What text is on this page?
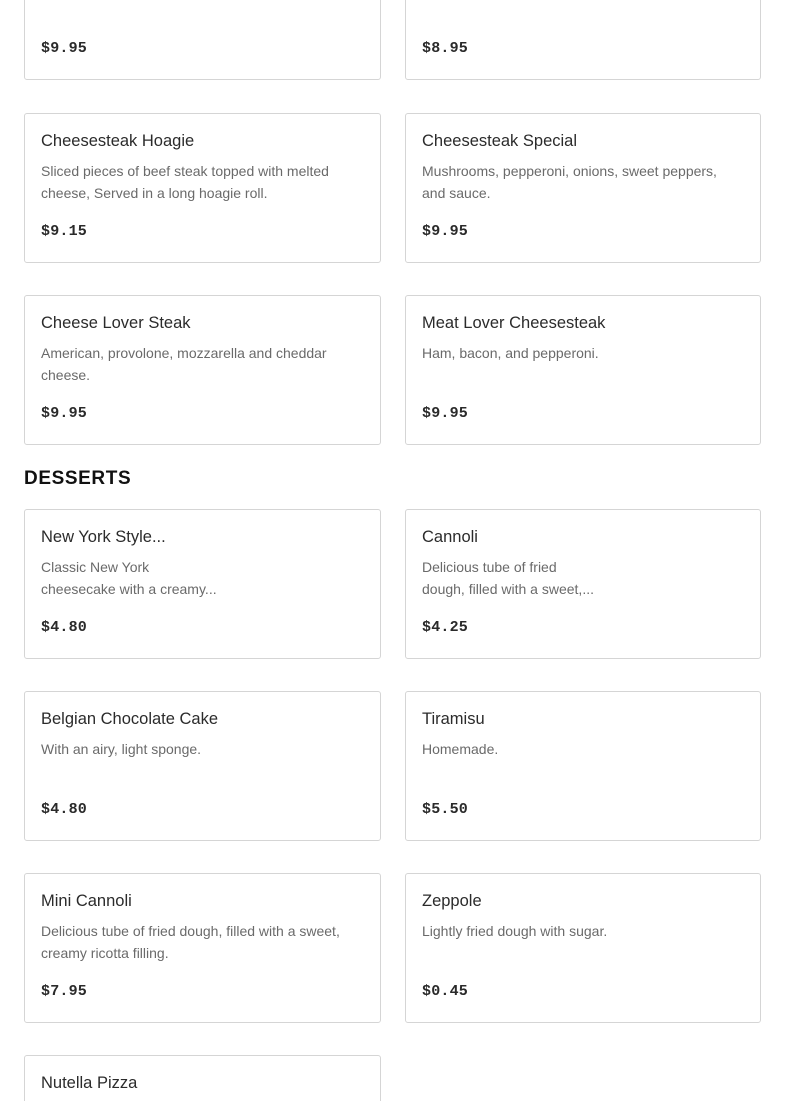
$9.95	$8.95
Cheesesteak Hoagie
Sliced pieces of beef steak topped with melted cheese, Served in a long hoagie roll.
$9.15
Cheesesteak Special
Mushrooms, pepperoni, onions, sweet peppers, and sauce.
$9.95
Cheese Lover Steak
American, provolone, mozzarella and cheddar cheese.
$9.95
Meat Lover Cheesesteak
Ham, bacon, and pepperoni.
$9.95
DESSERTS
New York Style...
Classic New York
cheesecake with a creamy...
$4.80
Cannoli
Delicious tube of fried
dough, filled with a sweet,...
$4.25
Belgian Chocolate Cake
With an airy, light sponge.
$4.80
Tiramisu
Homemade.
$5.50
Mini Cannoli
Delicious tube of fried dough, filled with a sweet, creamy ricotta filling.
$7.95
Zeppole
Lightly fried dough with sugar.
$0.45
Nutella Pizza
